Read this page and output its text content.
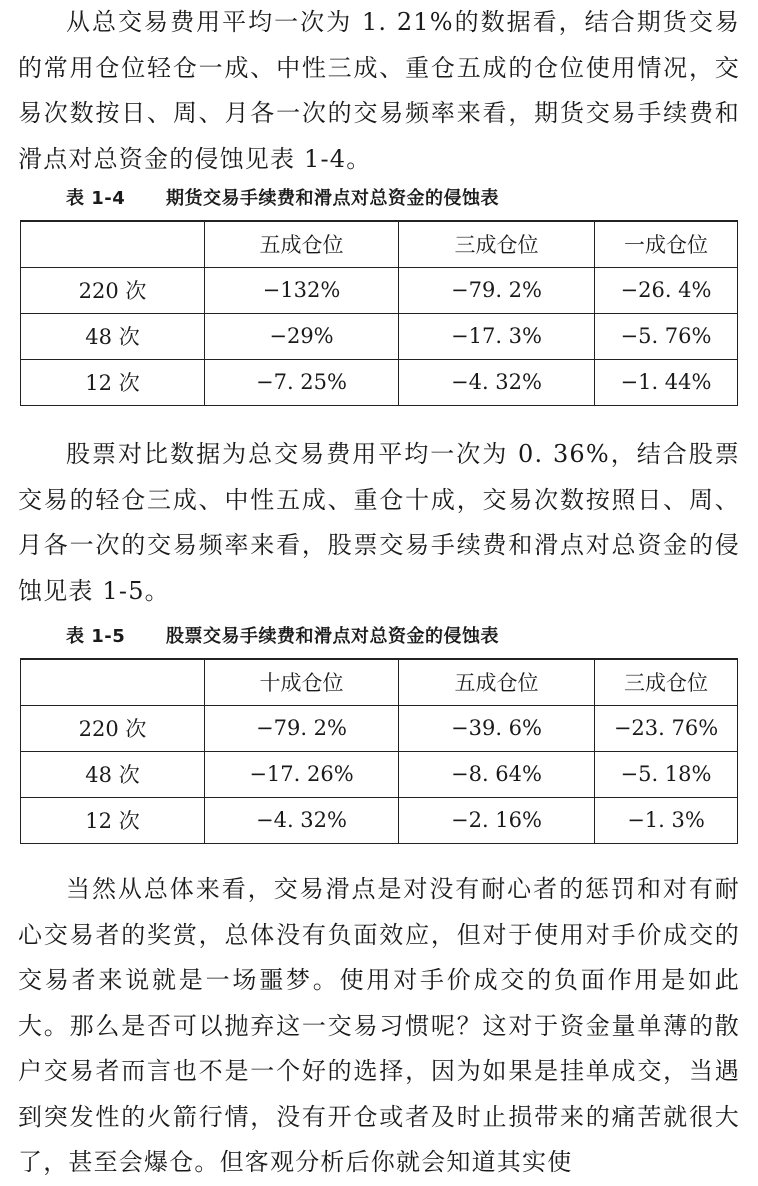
从总交易费用平均一次为 1. 21%的数据看，结合期货交易的常用仓位轻仓一成、中性三成、重仓五成的仓位使用情况，交易次数按日、周、月各一次的交易频率来看，期货交易手续费和滑点对总资金的侵蚀见表 1-4。

表 1-4 期货交易手续费和滑点对总资金的侵蚀表
	五成仓位	三成仓位	一成仓位
220 次	−132%	−79. 2%	−26. 4%
48 次	−29%	−17. 3%	−5. 76%
12 次	−7. 25%	−4. 32%	−1. 44%

股票对比数据为总交易费用平均一次为 0. 36%，结合股票交易的轻仓三成、中性五成、重仓十成，交易次数按照日、周、月各一次的交易频率来看，股票交易手续费和滑点对总资金的侵蚀见表 1-5。

表 1-5 股票交易手续费和滑点对总资金的侵蚀表
	十成仓位	五成仓位	三成仓位
220 次	−79. 2%	−39. 6%	−23. 76%
48 次	−17. 26%	−8. 64%	−5. 18%
12 次	−4. 32%	−2. 16%	−1. 3%

当然从总体来看，交易滑点是对没有耐心者的惩罚和对有耐心交易者的奖赏，总体没有负面效应，但对于使用对手价成交的交易者来说就是一场噩梦。使用对手价成交的负面作用是如此大。那么是否可以抛弃这一交易习惯呢？这对于资金量单薄的散户交易者而言也不是一个好的选择，因为如果是挂单成交，当遇到突发性的火箭行情，没有开仓或者及时止损带来的痛苦就很大了，甚至会爆仓。但客观分析后你就会知道其实使
